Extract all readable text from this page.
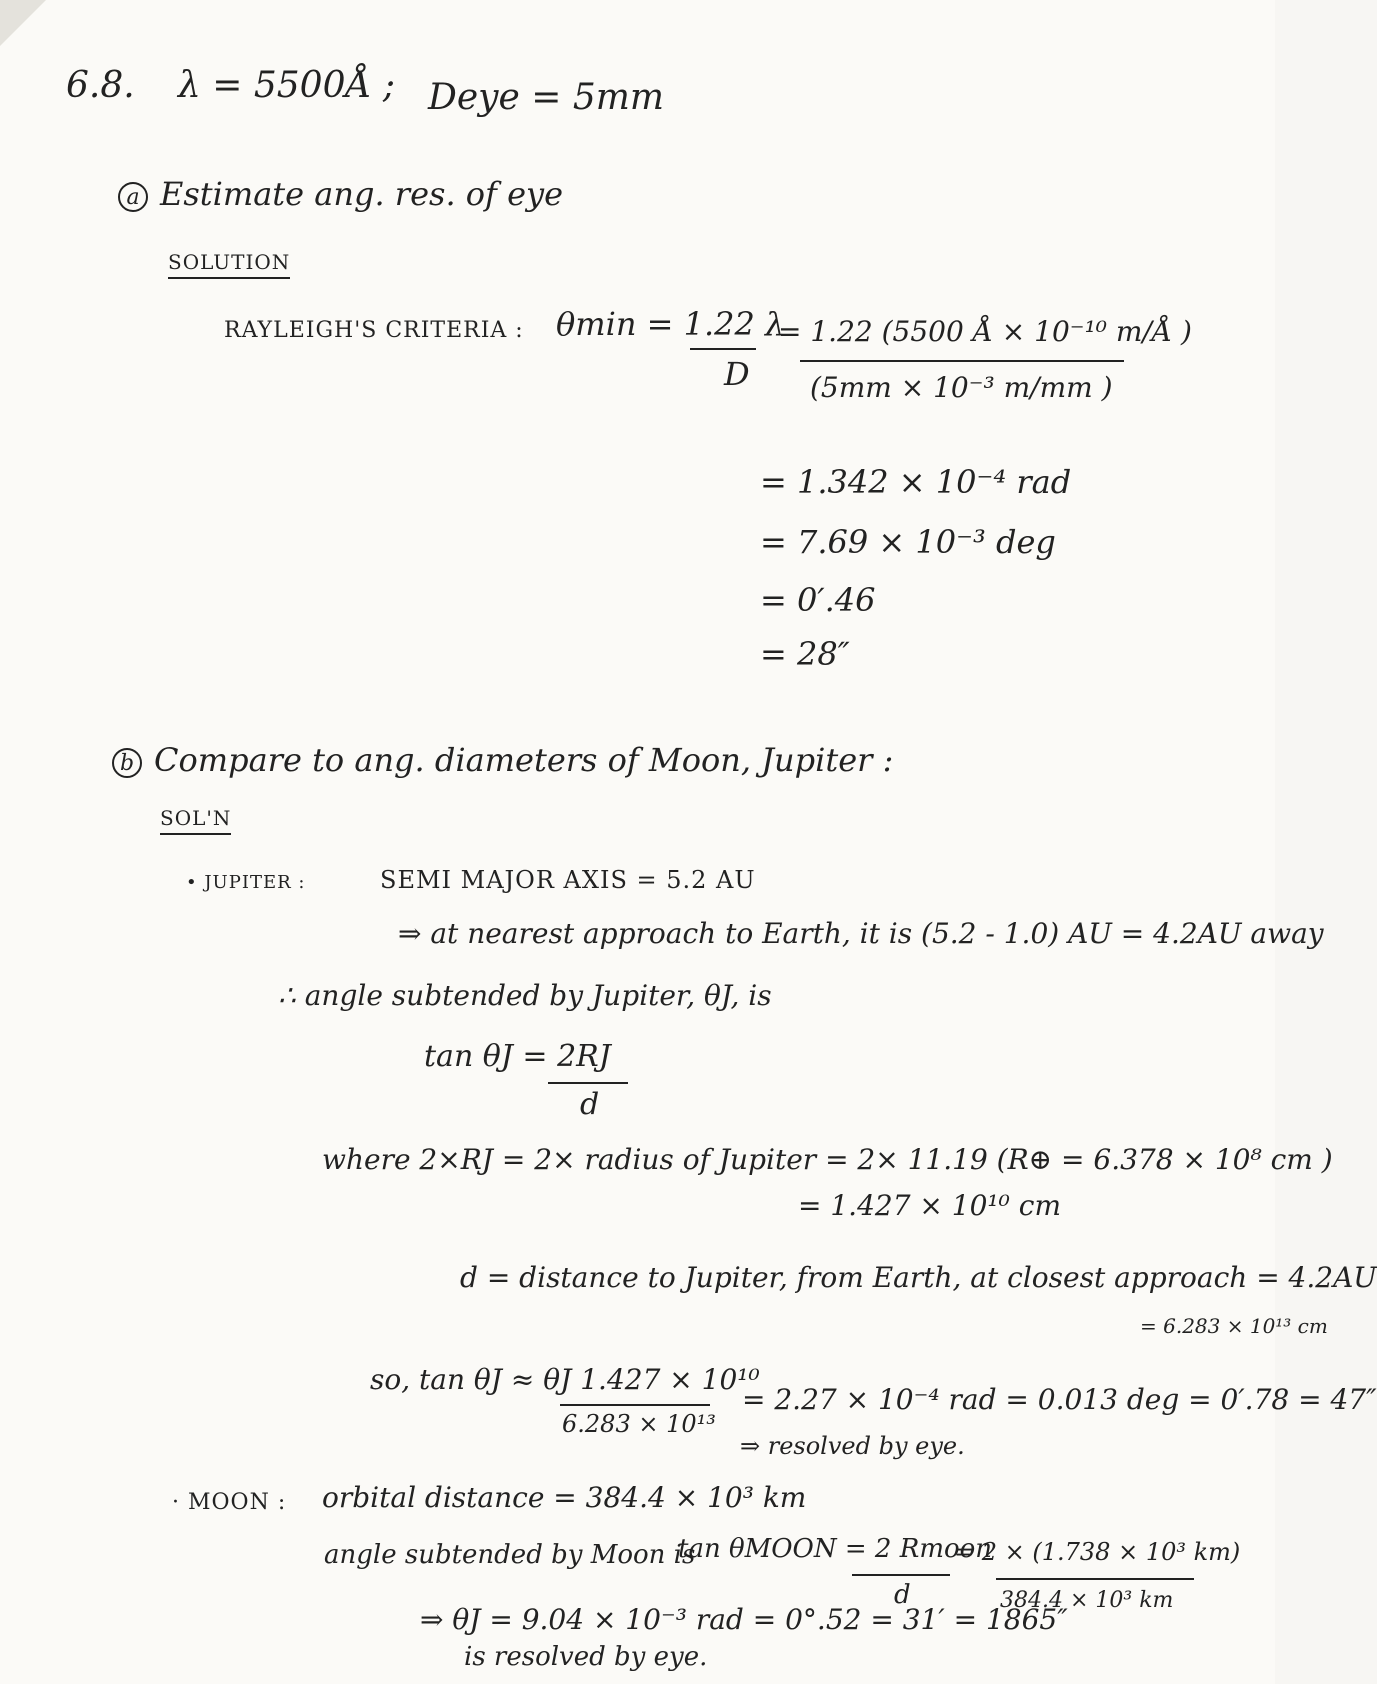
6.8. λ = 5500Å ; Deye = 5mm
a Estimate ang. res. of eye
SOLUTION
RAYLEIGH'S CRITERIA : θmin = 1.22 λ
D
= 1.22 (5500 Å × 10⁻¹⁰ m/Å )
(5mm × 10⁻³ m/mm )
= 1.342 × 10⁻⁴ rad
= 7.69 × 10⁻³ deg
= 0′.46
= 28″
b Compare to ang. diameters of Moon, Jupiter :
SOL'N
• JUPITER :	SEMI MAJOR AXIS = 5.2 AU
⇒ at nearest approach to Earth, it is (5.2 - 1.0) AU = 4.2AU away
∴ angle subtended by Jupiter, θJ, is
tan θJ = 2RJ
d
where 2×RJ = 2× radius of Jupiter = 2× 11.19 (R⊕ = 6.378 × 10⁸ cm )
= 1.427 × 10¹⁰ cm
d = distance to Jupiter, from Earth, at closest approach = 4.2AU
= 6.283 × 10¹³ cm
so, tan θJ ≈ θJ 1.427 × 10¹⁰
6.283 × 10¹³
= 2.27 × 10⁻⁴ rad = 0.013 deg = 0′.78 = 47″
⇒ resolved by eye.
· MOON : orbital distance = 384.4 × 10³ km
angle subtended by Moon is
tan θMOON = 2 Rmoon
d
= 2 × (1.738 × 10³ km)
384.4 × 10³ km
⇒ θJ = 9.04 × 10⁻³ rad = 0°.52 = 31′ = 1865″
is resolved by eye.
